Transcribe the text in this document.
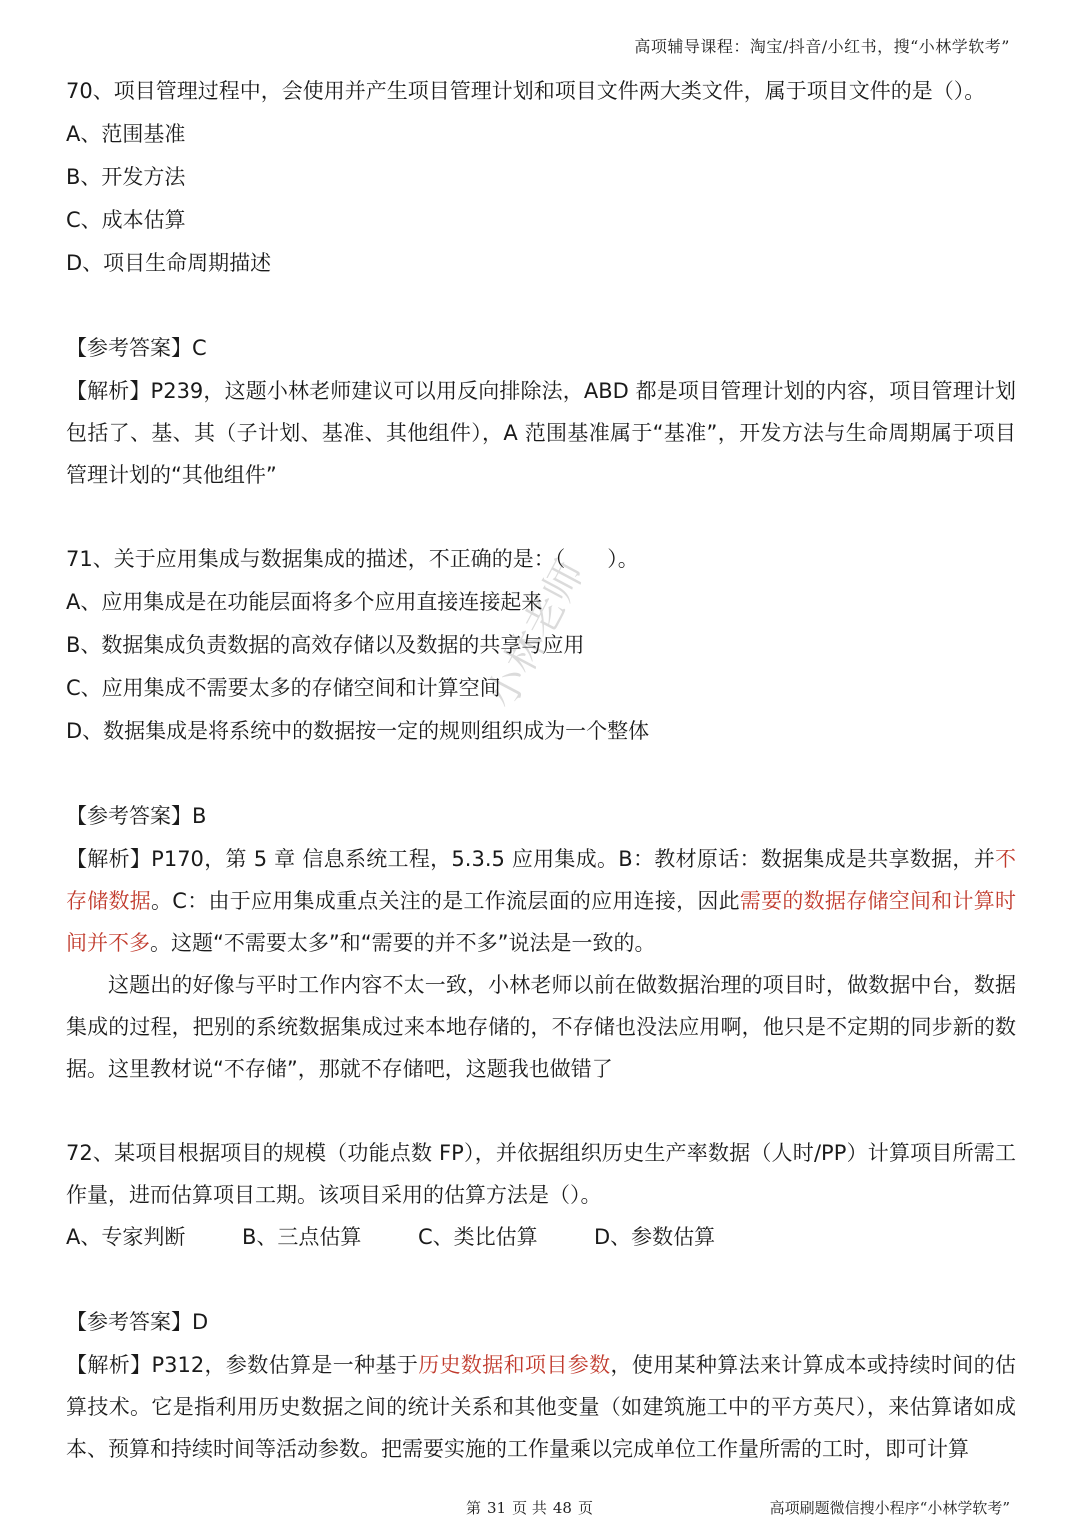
高项辅导课程：淘宝/抖音/小红书，搜“小林学软考”
小林老师
70、项目管理过程中，会使用并产生项目管理计划和项目文件两大类文件，属于项目文件的是（）。
A、范围基准
B、开发方法
C、成本估算
D、项目生命周期描述
【参考答案】C
【解析】P239，这题小林老师建议可以用反向排除法，ABD 都是项目管理计划的内容，项目管理计划包括了、基、其（子计划、基准、其他组件），A 范围基准属于“基准”，开发方法与生命周期属于项目管理计划的“其他组件”
71、关于应用集成与数据集成的描述，不正确的是：（　　）。
A、应用集成是在功能层面将多个应用直接连接起来
B、数据集成负责数据的高效存储以及数据的共享与应用
C、应用集成不需要太多的存储空间和计算空间
D、数据集成是将系统中的数据按一定的规则组织成为一个整体
【参考答案】B
【解析】P170，第 5 章 信息系统工程，5.3.5 应用集成。B：教材原话：数据集成是共享数据，并不存储数据。C：由于应用集成重点关注的是工作流层面的应用连接，因此需要的数据存储空间和计算时间并不多。这题“不需要太多”和“需要的并不多”说法是一致的。
这题出的好像与平时工作内容不太一致，小林老师以前在做数据治理的项目时，做数据中台，数据集成的过程，把别的系统数据集成过来本地存储的，不存储也没法应用啊，他只是不定期的同步新的数据。这里教材说“不存储”，那就不存储吧，这题我也做错了
72、某项目根据项目的规模（功能点数 FP），并依据组织历史生产率数据（人时/PP）计算项目所需工作量，进而估算项目工期。该项目采用的估算方法是（）。
A、专家判断	B、三点估算	C、类比估算	D、参数估算
【参考答案】D
【解析】P312，参数估算是一种基于历史数据和项目参数，使用某种算法来计算成本或持续时间的估算技术。它是指利用历史数据之间的统计关系和其他变量（如建筑施工中的平方英尺），来估算诸如成本、预算和持续时间等活动参数。把需要实施的工作量乘以完成单位工作量所需的工时，即可计算
第 31 页 共 48 页	高项刷题微信搜小程序“小林学软考”
